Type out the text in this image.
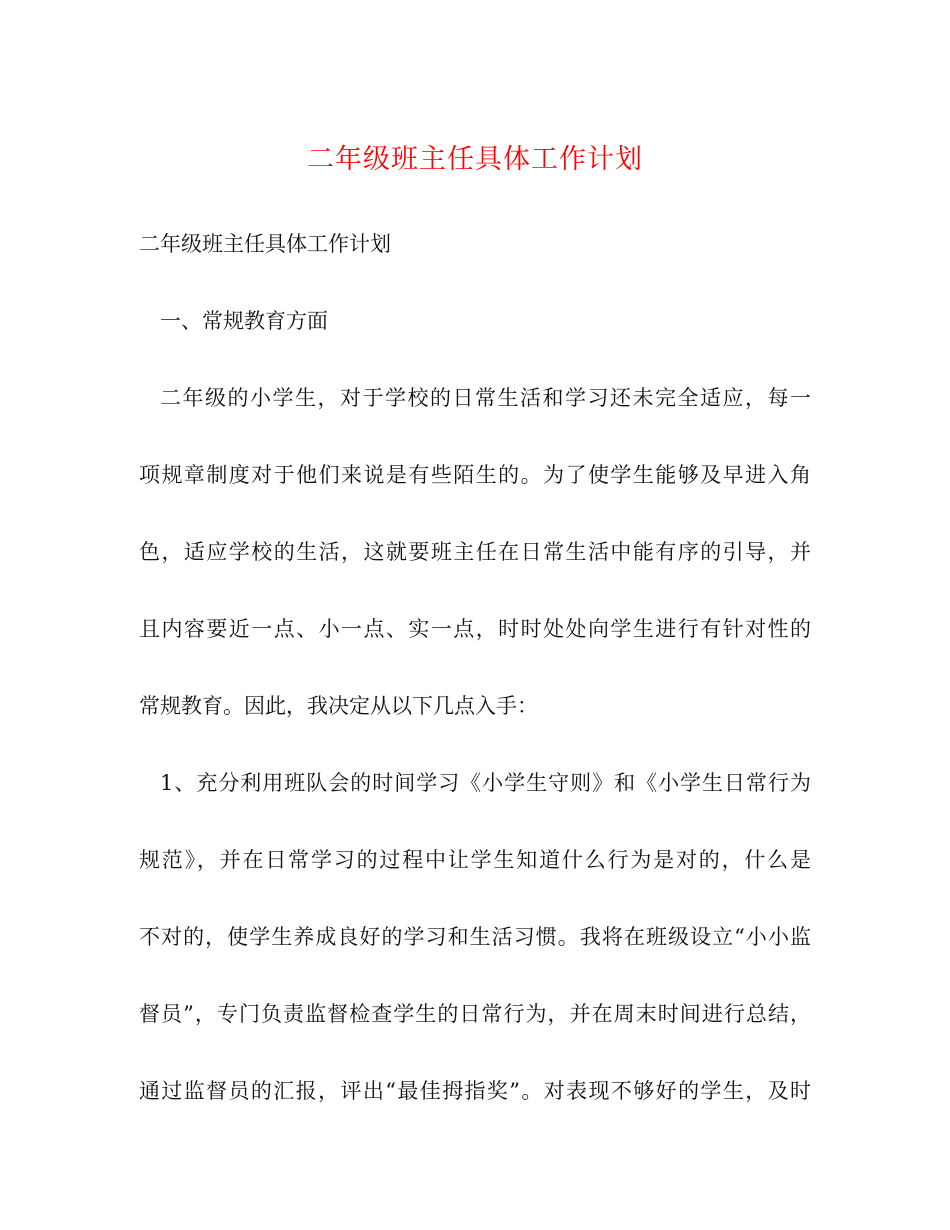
二年级班主任具体工作计划

二年级班主任具体工作计划

一、常规教育方面

二年级的小学生，对于学校的日常生活和学习还未完全适应，每一

项规章制度对于他们来说是有些陌生的。为了使学生能够及早进入角

色，适应学校的生活，这就要班主任在日常生活中能有序的引导，并

且内容要近一点、小一点、实一点，时时处处向学生进行有针对性的

常规教育。因此，我决定从以下几点入手：

1、充分利用班队会的时间学习《小学生守则》和《小学生日常行为

规范》，并在日常学习的过程中让学生知道什么行为是对的，什么是

不对的，使学生养成良好的学习和生活习惯。我将在班级设立“小小监

督员”，专门负责监督检查学生的日常行为，并在周末时间进行总结，

通过监督员的汇报，评出“最佳拇指奖”。对表现不够好的学生，及时
